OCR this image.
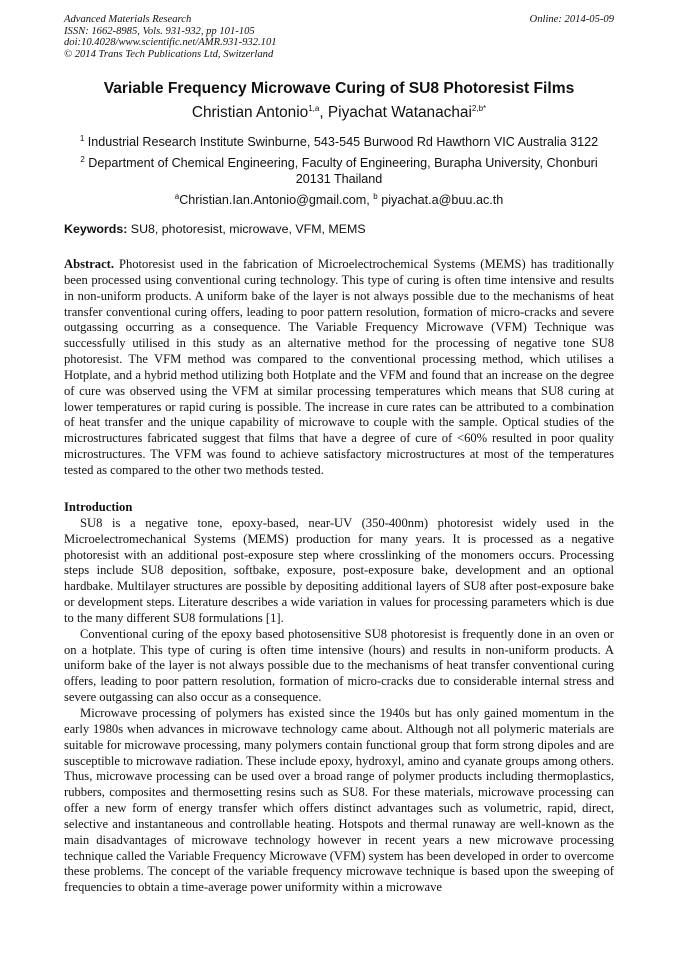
Advanced Materials Research
ISSN: 1662-8985, Vols. 931-932, pp 101-105
doi:10.4028/www.scientific.net/AMR.931-932.101
© 2014 Trans Tech Publications Ltd, Switzerland
Online: 2014-05-09
Variable Frequency Microwave Curing of SU8 Photoresist Films
Christian Antonio$^{1,a}$, Piyachat Watanachai$^{2,b*}$
$^1$ Industrial Research Institute Swinburne, 543-545 Burwood Rd Hawthorn VIC Australia 3122
$^2$ Department of Chemical Engineering, Faculty of Engineering, Burapha University, Chonburi 20131 Thailand
$^a$Christian.Ian.Antonio@gmail.com, $^b$ piyachat.a@buu.ac.th
Keywords: SU8, photoresist, microwave, VFM, MEMS

Abstract. Photoresist used in the fabrication of Microelectrochemical Systems (MEMS) has traditionally been processed using conventional curing technology. This type of curing is often time intensive and results in non-uniform products. A uniform bake of the layer is not always possible due to the mechanisms of heat transfer conventional curing offers, leading to poor pattern resolution, formation of micro-cracks and severe outgassing occurring as a consequence. The Variable Frequency Microwave (VFM) Technique was successfully utilised in this study as an alternative method for the processing of negative tone SU8 photoresist. The VFM method was compared to the conventional processing method, which utilises a Hotplate, and a hybrid method utilizing both Hotplate and the VFM and found that an increase on the degree of cure was observed using the VFM at similar processing temperatures which means that SU8 curing at lower temperatures or rapid curing is possible. The increase in cure rates can be attributed to a combination of heat transfer and the unique capability of microwave to couple with the sample. Optical studies of the microstructures fabricated suggest that films that have a degree of cure of <60% resulted in poor quality microstructures. The VFM was found to achieve satisfactory microstructures at most of the temperatures tested as compared to the other two methods tested.

Introduction

SU8 is a negative tone, epoxy-based, near-UV (350-400nm) photoresist widely used in the Microelectromechanical Systems (MEMS) production for many years. It is processed as a negative photoresist with an additional post-exposure step where crosslinking of the monomers occurs. Processing steps include SU8 deposition, softbake, exposure, post-exposure bake, development and an optional hardbake. Multilayer structures are possible by depositing additional layers of SU8 after post-exposure bake or development steps. Literature describes a wide variation in values for processing parameters which is due to the many different SU8 formulations [1].

Conventional curing of the epoxy based photosensitive SU8 photoresist is frequently done in an oven or on a hotplate. This type of curing is often time intensive (hours) and results in non-uniform products. A uniform bake of the layer is not always possible due to the mechanisms of heat transfer conventional curing offers, leading to poor pattern resolution, formation of micro-cracks due to considerable internal stress and severe outgassing can also occur as a consequence.

Microwave processing of polymers has existed since the 1940s but has only gained momentum in the early 1980s when advances in microwave technology came about. Although not all polymeric materials are suitable for microwave processing, many polymers contain functional group that form strong dipoles and are susceptible to microwave radiation. These include epoxy, hydroxyl, amino and cyanate groups among others. Thus, microwave processing can be used over a broad range of polymer products including thermoplastics, rubbers, composites and thermosetting resins such as SU8. For these materials, microwave processing can offer a new form of energy transfer which offers distinct advantages such as volumetric, rapid, direct, selective and instantaneous and controllable heating. Hotspots and thermal runaway are well-known as the main disadvantages of microwave technology however in recent years a new microwave processing technique called the Variable Frequency Microwave (VFM) system has been developed in order to overcome these problems. The concept of the variable frequency microwave technique is based upon the sweeping of frequencies to obtain a time-average power uniformity within a microwave
